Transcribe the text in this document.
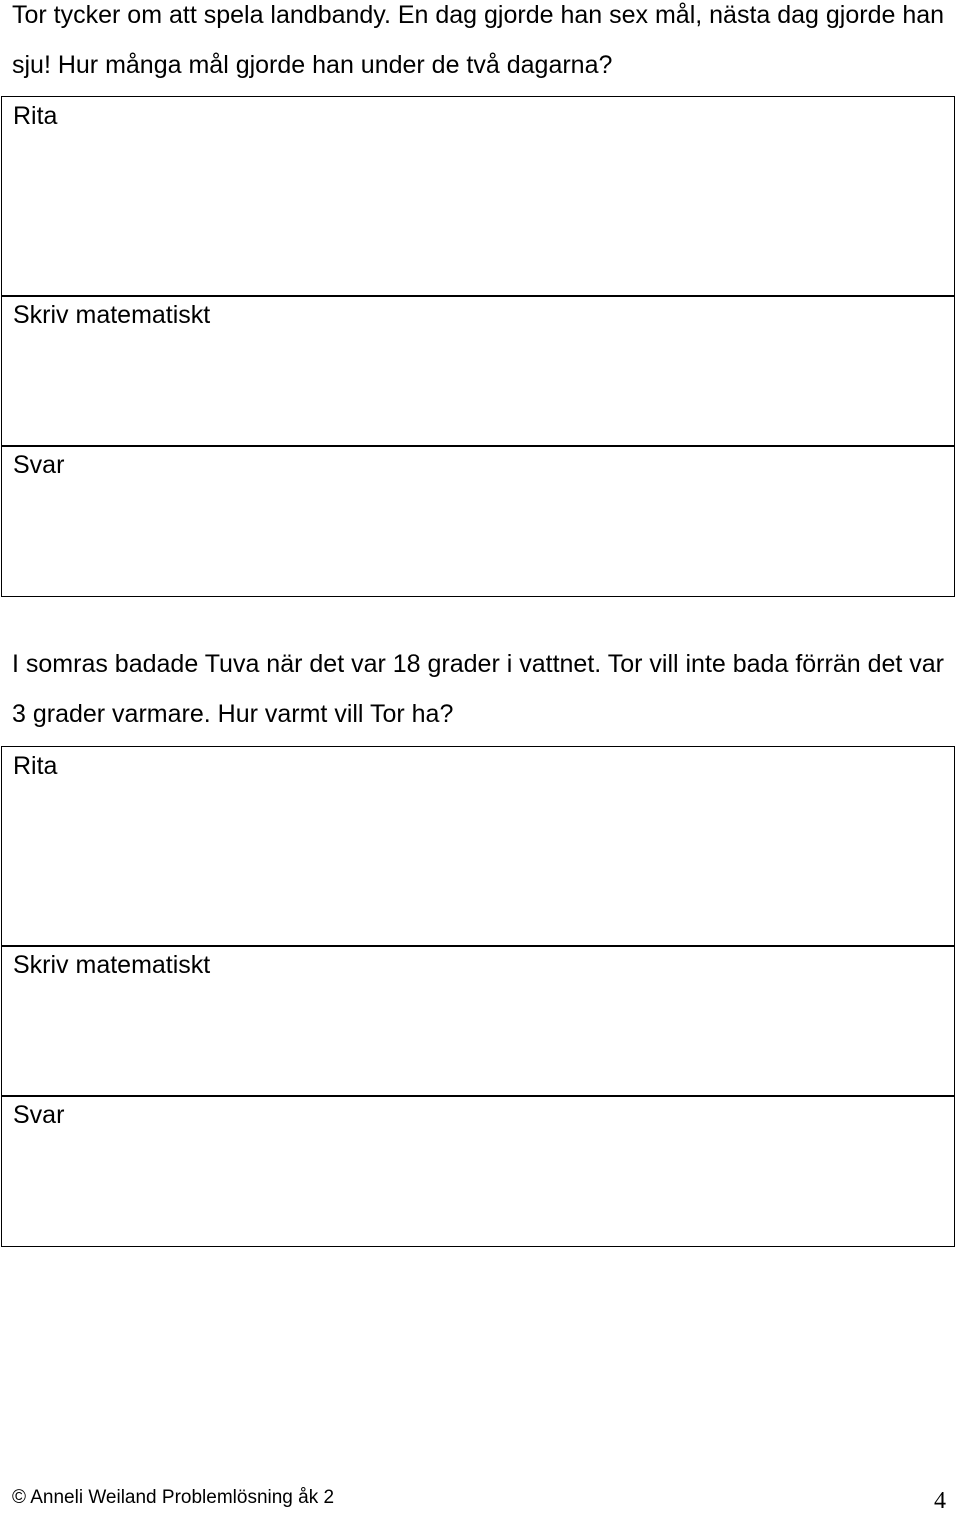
Tor tycker om att spela landbandy. En dag gjorde han sex mål, nästa dag gjorde han sju! Hur många mål gjorde han under de två dagarna?

Rita
Skriv matematiskt
Svar

I somras badade Tuva när det var 18 grader i vattnet. Tor vill inte bada förrän det var 3 grader varmare. Hur varmt vill Tor ha?

Rita
Skriv matematiskt
Svar
© Anneli Weiland Problemlösning åk 2	4
